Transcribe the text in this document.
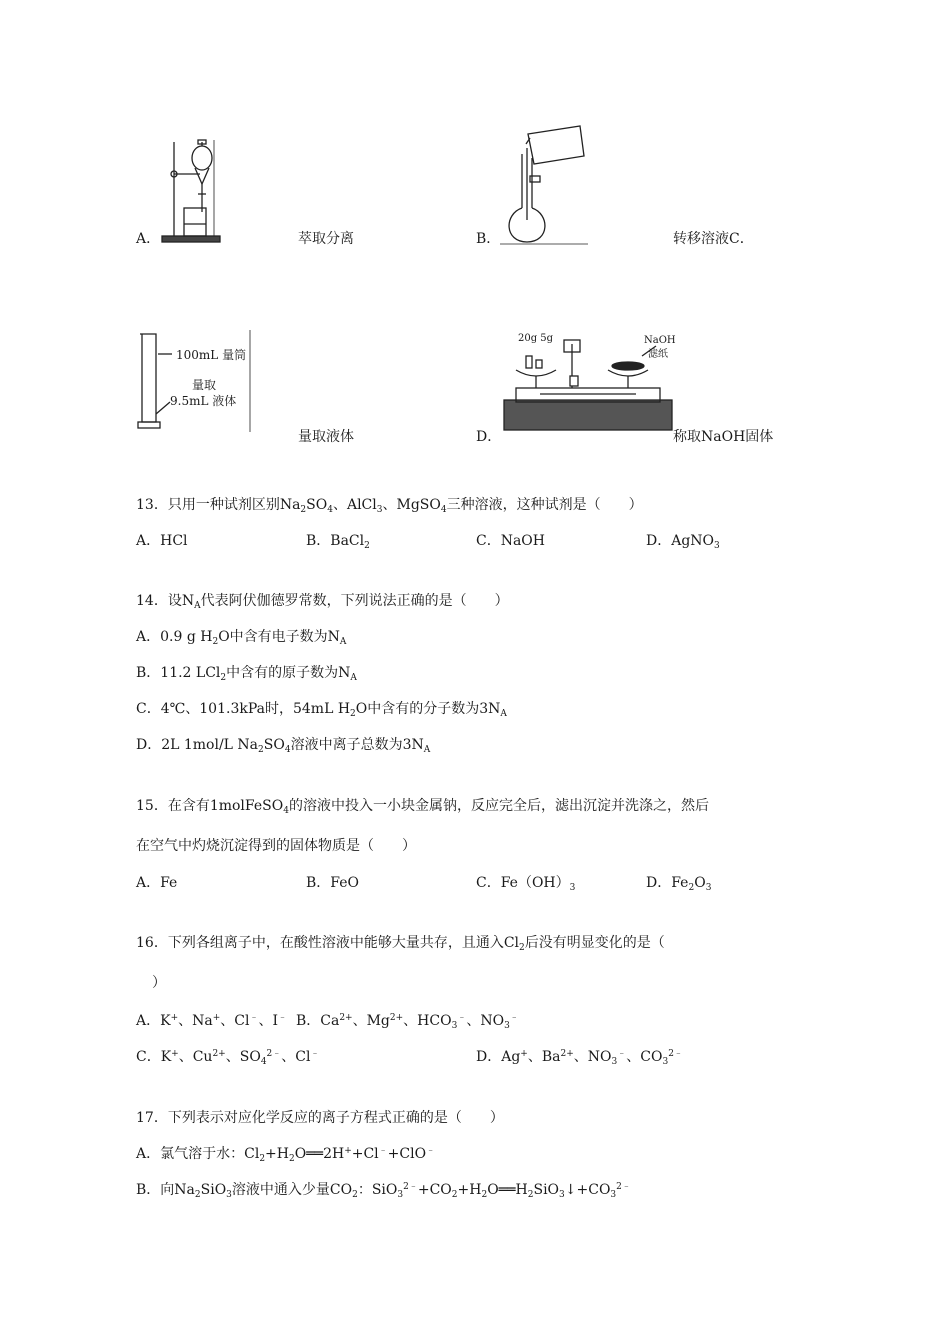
A．	萃取分离	B．	转移溶液C．
100mL 量筒
量取
9.5mL 液体
量取液体
20g 5g	NaOH
滤纸
D．	称取NaOH固体
13．只用一种试剂区别$Na_2SO_4$、AlCl$_3$、MgSO$_4$三种溶液，这种试剂是（　　）
A．HCl	B．BaCl$_2$	C．NaOH	D．AgNO$_3$
14．设$N_A$代表阿伏伽德罗常数，下列说法正确的是（　　）
A．0.9 g $H_2O$中含有电子数为$N_A$
B．11.2 LCl$_2$中含有的原子数为$N_A$
C．4℃、101.3kPa时，54mL $H_2O$中含有的分子数为$3N_A$
D．2L 1mol/L $Na_2SO_4$溶液中离子总数为$3N_A$
15．在含有1molFeSO$_4$的溶液中投入一小块金属钠，反应完全后，滤出沉淀并洗涤之，然后
在空气中灼烧沉淀得到的固体物质是（　　）
A．Fe	B．FeO	C．$Fe(OH)_3$	D．$Fe_2O_3$
16．下列各组离子中，在酸性溶液中能够大量共存，且通入$Cl_2$后没有明显变化的是（
）
A．K+、Na+、Cl﹣、I﹣ B．$Ca^{2+}$、$Mg^{2+}$、$HCO_3^﹣$、$NO_3^﹣$
C．K+、$Cu^{2+}$、$SO_4^{2﹣}$、Cl﹣	D．Ag+、$Ba^{2+}$、$NO_3^﹣$、$CO_3^{2﹣}$
17．下列表示对应化学反应的离子方程式正确的是（　　）
A．氯气溶于水：$Cl_2+H_2O══2H^++Cl^﹣+ClO^﹣$
B．向$Na_2SiO_3$溶液中通入少量$CO_2$：$SiO_3^{2﹣}+CO_2+H_2O══H_2SiO_3↓+CO_3^{2﹣}$
